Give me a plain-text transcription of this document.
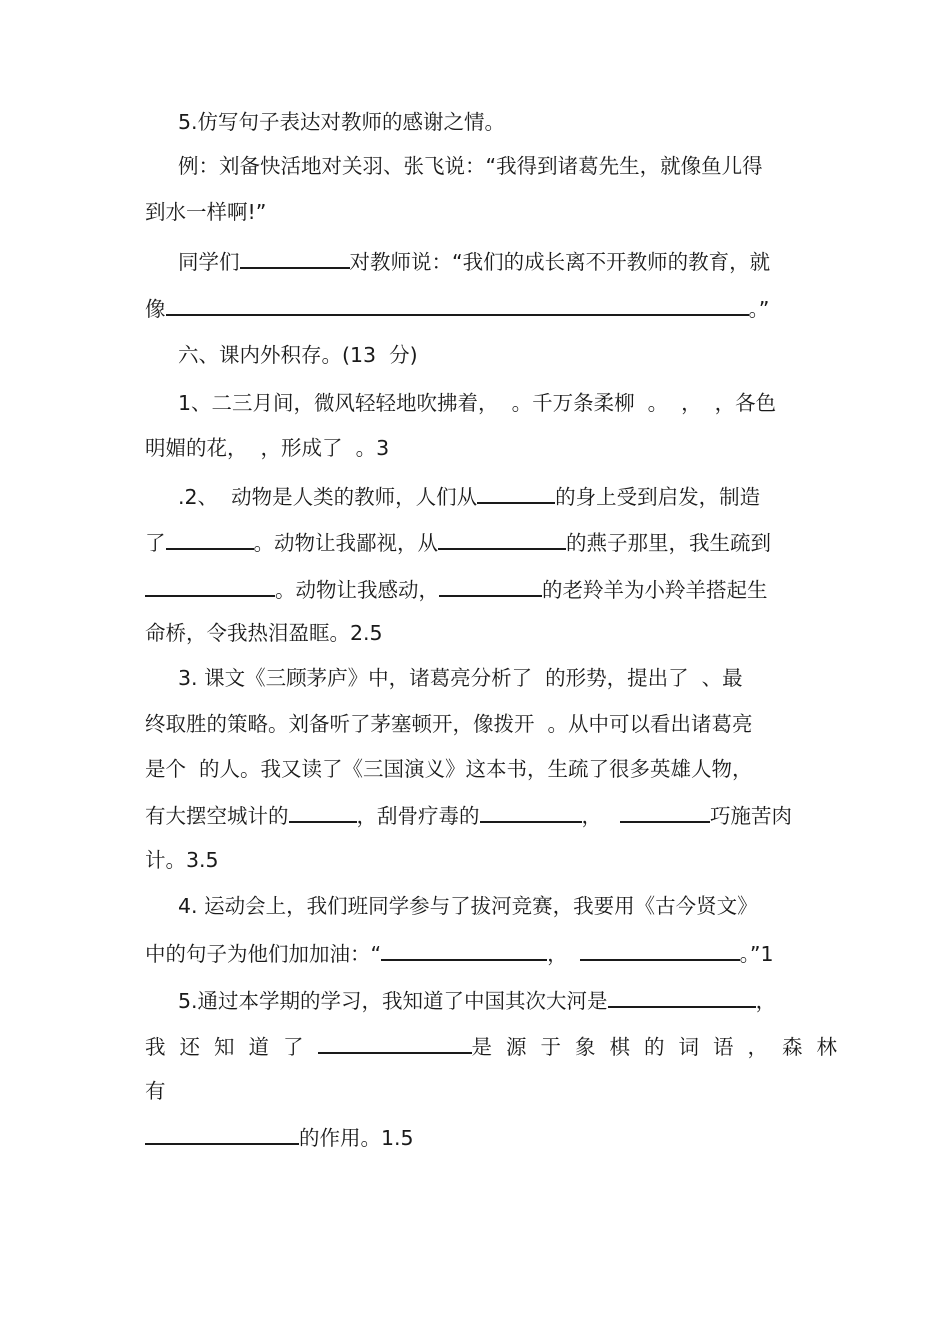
5.仿写句子表达对教师的感谢之情。
例：刘备快活地对关羽、张飞说：“我得到诸葛先生，就像鱼儿得
到水一样啊!”
同学们	对教师说：“我们的成长离不开教师的教育，就
像	。”
六、课内外积存。(13  分)
1、二三月间，微风轻轻地吹拂着，  。千万条柔柳  。  ，  ，各色
明媚的花，  ，形成了  。3
.2、  动物是人类的教师，人们从	的身上受到启发，制造
了	。动物让我鄙视，从	的燕子那里，我生疏到
。动物让我感动，	的老羚羊为小羚羊搭起生
命桥，令我热泪盈眶。2.5
3. 课文《三顾茅庐》中，诸葛亮分析了  的形势，提出了  、最
终取胜的策略。刘备听了茅塞顿开，像拨开  。从中可以看出诸葛亮
是个  的人。我又读了《三国演义》这本书，生疏了很多英雄人物，
有大摆空城计的	，刮骨疗毒的	，	巧施苦肉
计。3.5
4. 运动会上，我们班同学参与了拔河竞赛，我要用《古今贤文》
中的句子为他们加加油：“	，	。”1
5.通过本学期的学习，我知道了中国其次大河是	，
我还知道了	是源于象棋的词语，森林
有
的作用。1.5
